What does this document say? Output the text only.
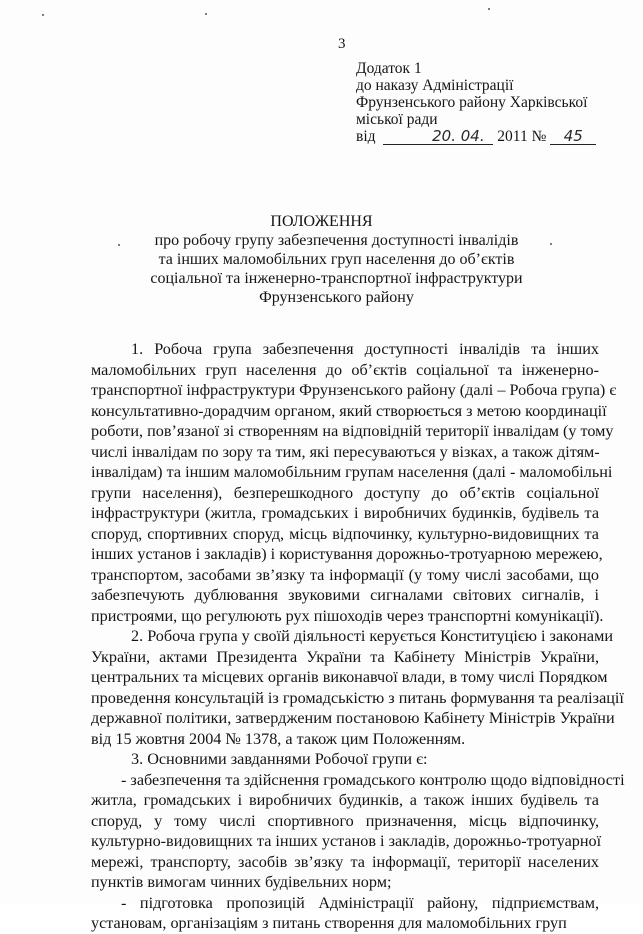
3
Додаток 1
до наказу Адміністрації
Фрунзенського району Харківської
міської ради
від	20. 04. 2011 № 45
ПОЛОЖЕННЯ
про робочу групу забезпечення доступності інвалідів
та інших маломобільних груп населення до об’єктів
соціальної та інженерно-транспортної інфраструктури
Фрунзенського району
1. Робоча група забезпечення доступності інвалідів та інших
маломобільних груп населення до об’єктів соціальної та інженерно-
транспортної інфраструктури Фрунзенського району (далі – Робоча група) є
консультативно-дорадчим органом, який створюється з метою координації
роботи, пов’язаної зі створенням на відповідній території інвалідам (у тому
числі інвалідам по зору та тим, які пересуваються у візках, а також дітям-
інвалідам) та іншим маломобільним групам населення (далі - маломобільні
групи населення), безперешкодного доступу до об’єктів соціальної
інфраструктури (житла, громадських і виробничих будинків, будівель та
споруд, спортивних споруд, місць відпочинку, культурно-видовищних та
інших установ і закладів) і користування дорожньо-тротуарною мережею,
транспортом, засобами зв’язку та інформації (у тому числі засобами, що
забезпечують дублювання звуковими сигналами світових сигналів, і
пристроями, що регулюють рух пішоходів через транспортні комунікації).
2. Робоча група у своїй діяльності керується Конституцією і законами
України, актами Президента України та Кабінету Міністрів України,
центральних та місцевих органів виконавчої влади, в тому числі Порядком
проведення консультацій із громадськістю з питань формування та реалізації
державної політики, затвердженим постановою Кабінету Міністрів України
від 15 жовтня 2004 № 1378, а також цим Положенням.
3. Основними завданнями Робочої групи є:
- забезпечення та здійснення громадського контролю щодо відповідності
житла, громадських і виробничих будинків, а також інших будівель та
споруд, у тому числі спортивного призначення, місць відпочинку,
культурно-видовищних та інших установ і закладів, дорожньо-тротуарної
мережі, транспорту, засобів зв’язку та інформації, території населених
пунктів вимогам чинних будівельних норм;
- підготовка пропозицій Адміністрації району, підприємствам,
установам, організаціям з питань створення для маломобільних груп
